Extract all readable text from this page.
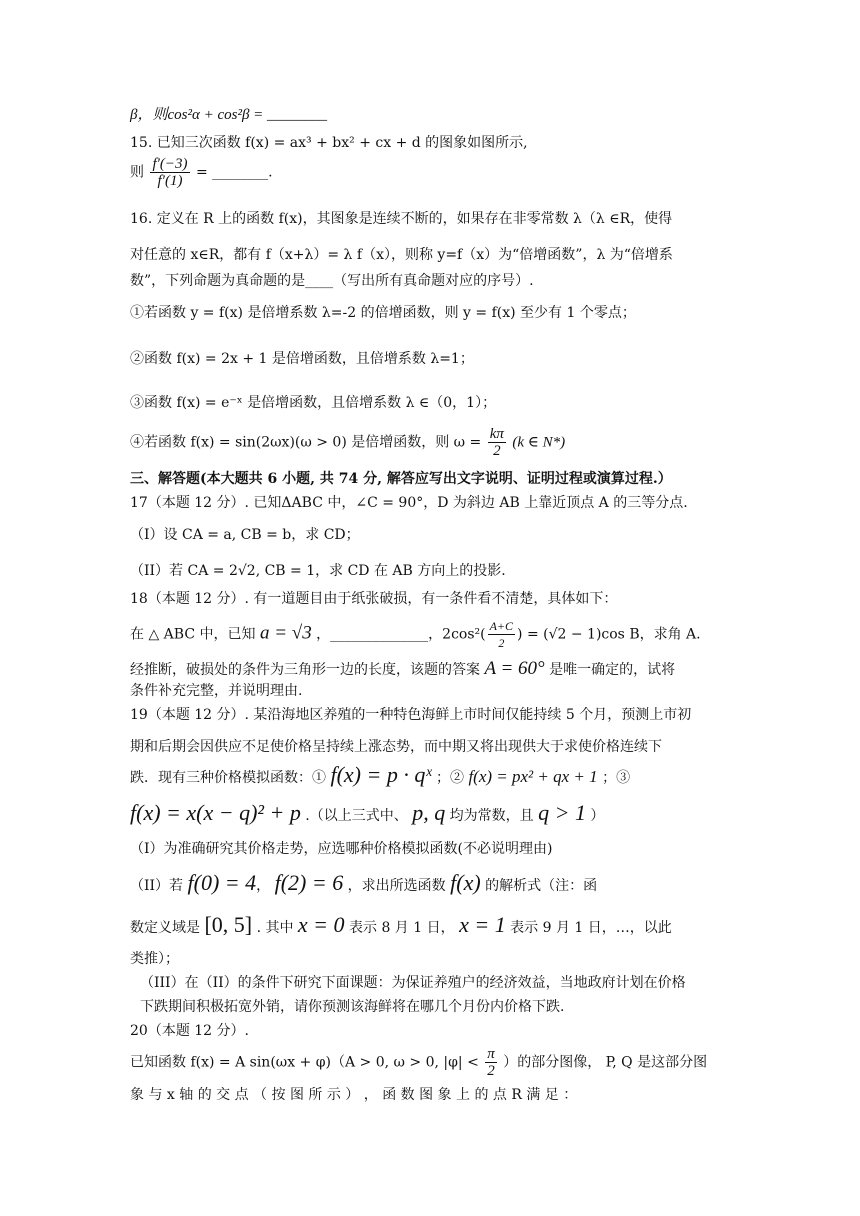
β，则cos²α + cos²β = ________
15. 已知三次函数 f(x) = ax³ + bx² + cx + d 的图象如图所示,
则 $\frac{f'(-3)}{f'(1)}$ = ________.
16. 定义在 R 上的函数 f(x)，其图象是连续不断的，如果存在非零常数 λ（λ ∈R，使得
对任意的 x∈R，都有 f（x+λ）= λ f（x），则称 y=f（x）为“倍增函数”，λ 为“倍增系
数”，下列命题为真命题的是____（写出所有真命题对应的序号）.
①若函数 y = f(x) 是倍增系数 λ=-2 的倍增函数，则 y = f(x) 至少有 1 个零点；
②函数 f(x) = 2x + 1 是倍增函数，且倍增系数 λ=1；
③函数 f(x) = e⁻ˣ 是倍增函数，且倍增系数 λ ∈（0，1）；
④若函数 f(x) = sin(2ωx)(ω > 0) 是倍增函数，则 $\omega = \frac{k\pi}{2} (k$ ∈ N*)
三、解答题(本大题共 6 小题, 共 74 分, 解答应写出文字说明、证明过程或演算过程.）
17（本题 12 分）. 已知ΔABC 中，∠C = 90°，D 为斜边 AB 上靠近顶点 A 的三等分点.
（I）设 CA = a, CB = b，求 CD；
（II）若 CA = 2√2, CB = 1，求 CD 在 AB 方向上的投影.
18（本题 12 分）. 有一道题目由于纸张破损，有一条件看不清楚，具体如下：
在 △ ABC 中，已知 a = √3 ，______________，$2\cos^2( \frac{A+C}{2}$ ) = (√2 − 1)cos B，求角 A.
经推断，破损处的条件为三角形一边的长度，该题的答案 A = 60° 是唯一确定的，试将
条件补充完整，并说明理由.
19（本题 12 分）. 某沿海地区养殖的一种特色海鲜上市时间仅能持续 5 个月，预测上市初
期和后期会因供应不足使价格呈持续上涨态势，而中期又将出现供大于求使价格连续下
跌．现有三种价格模拟函数：① f(x) = p · qˣ ；② f(x) = px² + qx + 1 ；③
f(x) = x(x − q)² + p .（以上三式中、 p, q 均为常数，且 q > 1 ）
（I）为准确研究其价格走势，应选哪种价格模拟函数(不必说明理由)
（II）若 f(0) = 4， f(2) = 6 ，求出所选函数 f(x) 的解析式（注：函
数定义域是 [0, 5] . 其中 x = 0 表示 8 月 1 日， x = 1 表示 9 月 1 日，…，以此
类推）；
（III）在（II）的条件下研究下面课题：为保证养殖户的经济效益，当地政府计划在价格
下跌期间积极拓宽外销，请你预测该海鲜将在哪几个月份内价格下跌.
20（本题 12 分）.
已知函数 f(x) = A sin(ωx + φ)（A > 0, ω > 0, $|\varphi| < \frac{\pi}{2}$ ）的部分图像， P, Q 是这部分图
象 与 x 轴 的 交 点 （ 按 图 所 示 ） ， 函 数 图 象 上 的 点 R 满 足 ：
